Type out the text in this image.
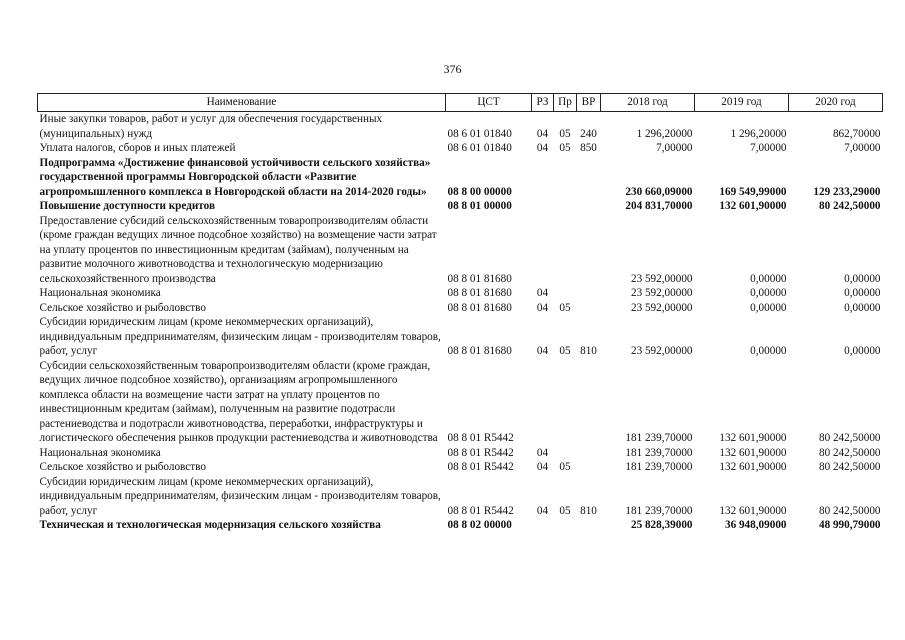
376
Наименование	ЦСТ	РЗ	Пр	ВР	2018 год	2019 год	2020 год
Иные закупки товаров, работ и услуг для обеспечения государственных (муниципальных) нужд	08 6 01 01840	04	05	240	1 296,20000	1 296,20000	862,70000
Уплата налогов, сборов и иных платежей	08 6 01 01840	04	05	850	7,00000	7,00000	7,00000
Подпрограмма «Достижение финансовой устойчивости сельского хозяйства» государственной программы Новгородской области «Развитие агропромышленного комплекса в Новгородской области на 2014-2020 годы»	08 8 00 00000				230 660,09000	169 549,99000	129 233,29000
Повышение доступности кредитов	08 8 01 00000				204 831,70000	132 601,90000	80 242,50000
Предоставление субсидий сельскохозяйственным товаропроизводителям области (кроме граждан ведущих личное подсобное хозяйство) на возмещение части затрат на уплату процентов по инвестиционным кредитам (займам), полученным на развитие молочного животноводства и технологическую модернизацию сельскохозяйственного производства	08 8 01 81680				23 592,00000	0,00000	0,00000
Национальная экономика	08 8 01 81680	04			23 592,00000	0,00000	0,00000
Сельское хозяйство и рыболовство	08 8 01 81680	04	05		23 592,00000	0,00000	0,00000
Субсидии юридическим лицам (кроме некоммерческих организаций), индивидуальным предпринимателям, физическим лицам - производителям товаров, работ, услуг	08 8 01 81680	04	05	810	23 592,00000	0,00000	0,00000
Субсидии сельскохозяйственным товаропроизводителям области (кроме граждан, ведущих личное подсобное хозяйство), организациям агропромышленного комплекса области на возмещение части затрат на уплату процентов по инвестиционным кредитам (займам), полученным на развитие подотрасли растениеводства и подотрасли животноводства, переработки, инфраструктуры и логистического обеспечения рынков продукции растениеводства и животноводства	08 8 01 R5442				181 239,70000	132 601,90000	80 242,50000
Национальная экономика	08 8 01 R5442	04			181 239,70000	132 601,90000	80 242,50000
Сельское хозяйство и рыболовство	08 8 01 R5442	04	05		181 239,70000	132 601,90000	80 242,50000
Субсидии юридическим лицам (кроме некоммерческих организаций), индивидуальным предпринимателям, физическим лицам - производителям товаров, работ, услуг	08 8 01 R5442	04	05	810	181 239,70000	132 601,90000	80 242,50000
Техническая и технологическая модернизация сельского хозяйства	08 8 02 00000				25 828,39000	36 948,09000	48 990,79000
